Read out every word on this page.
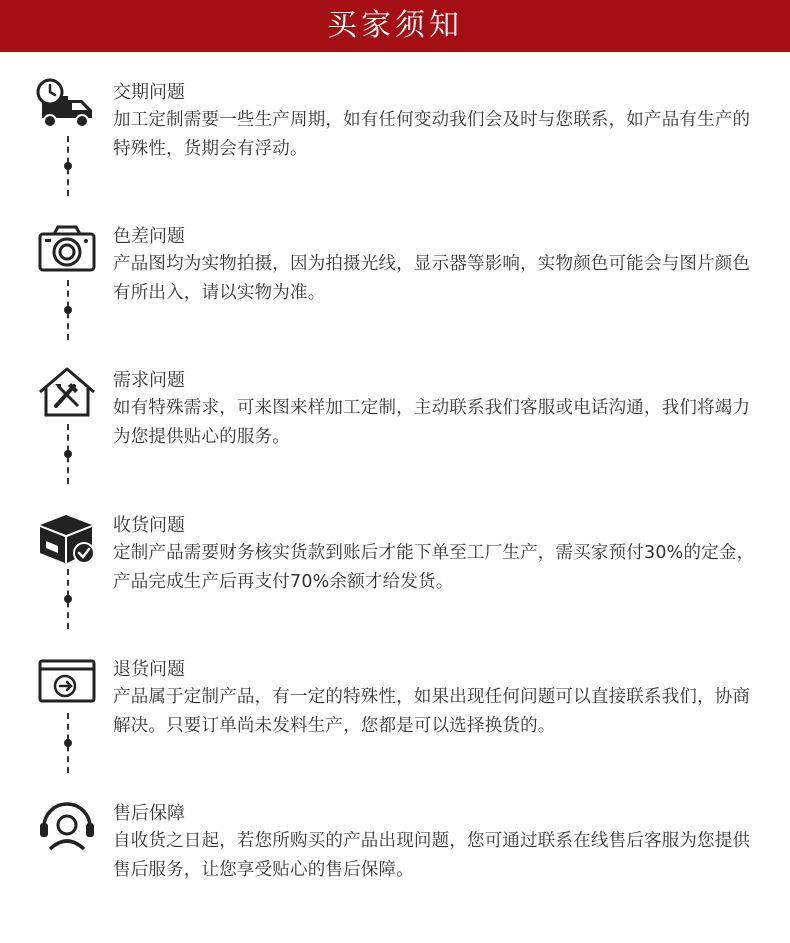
买家须知

交期问题

加工定制需要一些生产周期，如有任何变动我们会及时与您联系，如产品有生产的特殊性，货期会有浮动。

色差问题

产品图均为实物拍摄，因为拍摄光线，显示器等影响，实物颜色可能会与图片颜色有所出入，请以实物为准。

需求问题

如有特殊需求，可来图来样加工定制，主动联系我们客服或电话沟通，我们将竭力为您提供贴心的服务。

收货问题

定制产品需要财务核实货款到账后才能下单至工厂生产，需买家预付30%的定金，产品完成生产后再支付70%余额才给发货。

退货问题

产品属于定制产品，有一定的特殊性，如果出现任何问题可以直接联系我们，协商解决。只要订单尚未发料生产，您都是可以选择换货的。

售后保障

自收货之日起，若您所购买的产品出现问题，您可通过联系在线售后客服为您提供售后服务，让您享受贴心的售后保障。
